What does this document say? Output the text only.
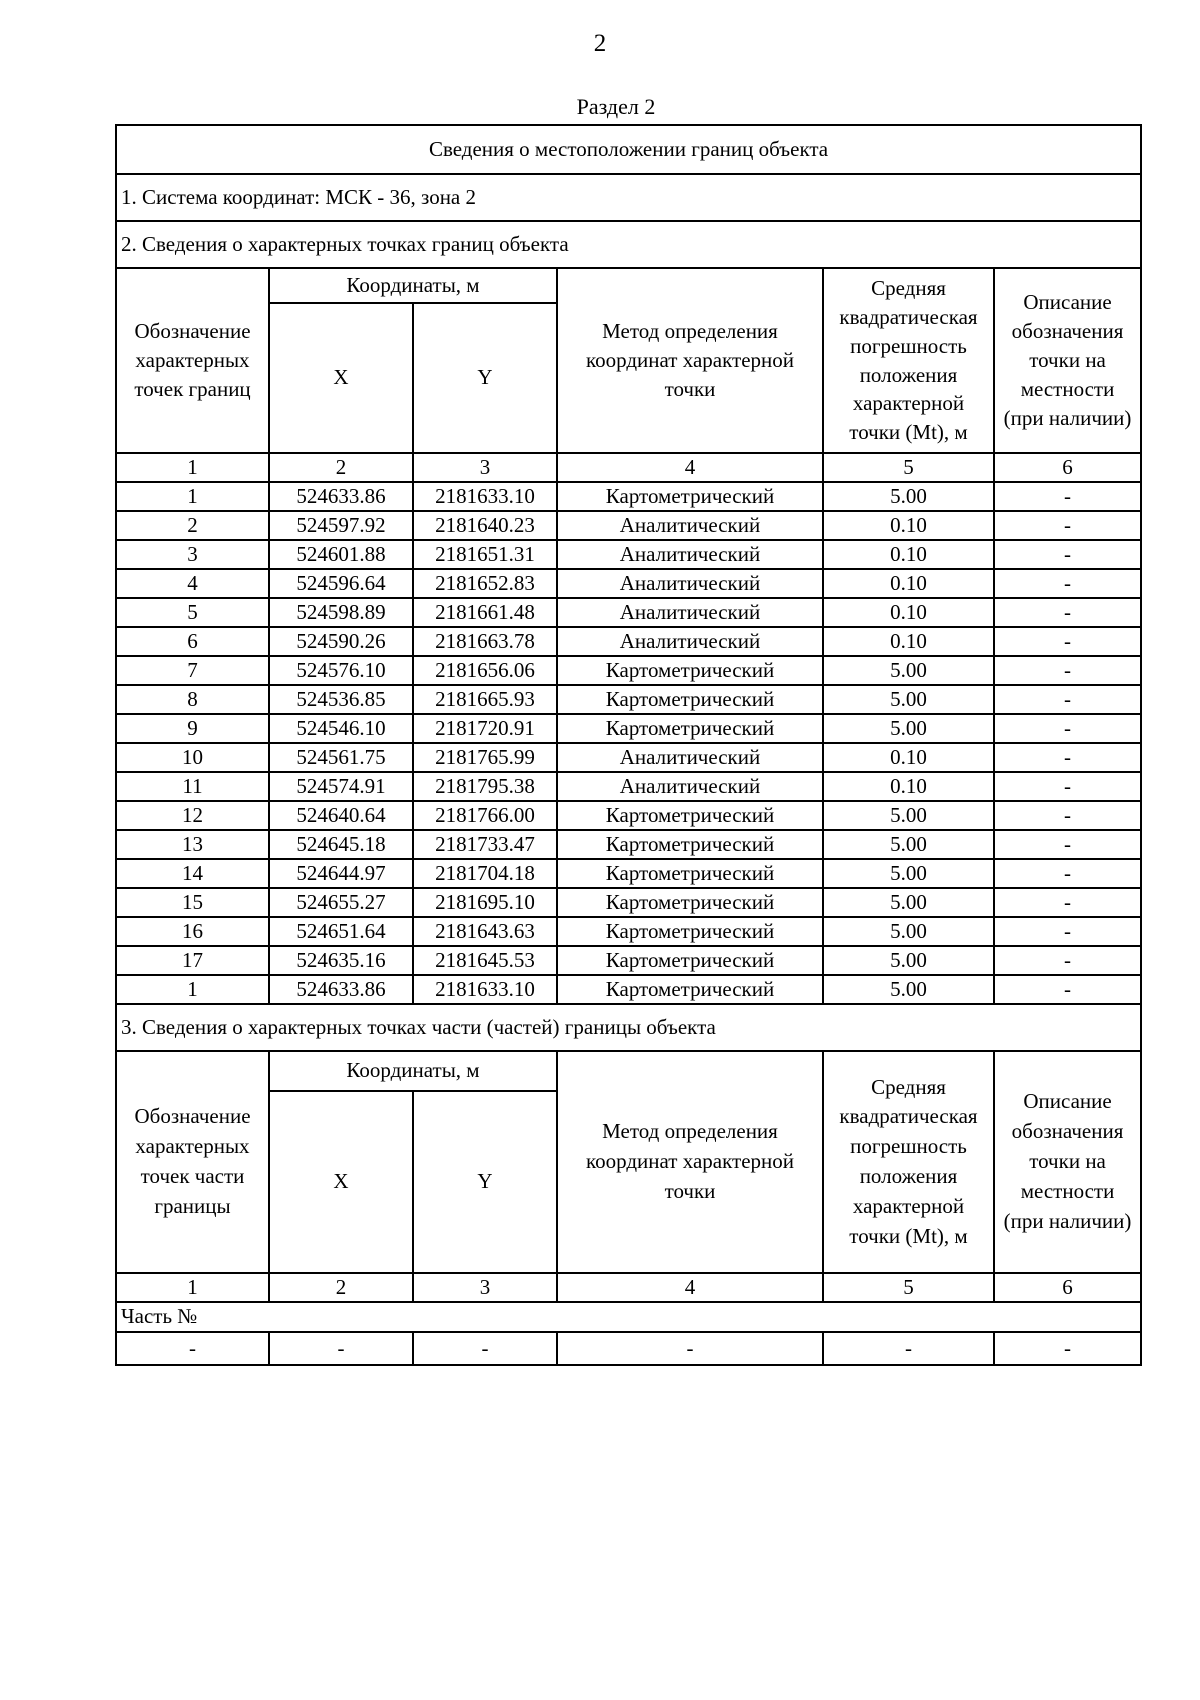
2
Раздел 2
Сведения о местоположении границ объекта					
1. Система координат: МСК - 36, зона 2					
2. Сведения о характерных точках границ объекта					
Обозначение характерных точек границ	Координаты, м		Метод определения координат характерной точки	Средняя квадратическая погрешность положения характерной точки (Mt), м	Описание обозначения точки на местности (при наличии)
	X	Y			
1	2	3	4	5	6
1	524633.86	2181633.10	Картометрический	5.00	-
2	524597.92	2181640.23	Аналитический	0.10	-
3	524601.88	2181651.31	Аналитический	0.10	-
4	524596.64	2181652.83	Аналитический	0.10	-
5	524598.89	2181661.48	Аналитический	0.10	-
6	524590.26	2181663.78	Аналитический	0.10	-
7	524576.10	2181656.06	Картометрический	5.00	-
8	524536.85	2181665.93	Картометрический	5.00	-
9	524546.10	2181720.91	Картометрический	5.00	-
10	524561.75	2181765.99	Аналитический	0.10	-
11	524574.91	2181795.38	Аналитический	0.10	-
12	524640.64	2181766.00	Картометрический	5.00	-
13	524645.18	2181733.47	Картометрический	5.00	-
14	524644.97	2181704.18	Картометрический	5.00	-
15	524655.27	2181695.10	Картометрический	5.00	-
16	524651.64	2181643.63	Картометрический	5.00	-
17	524635.16	2181645.53	Картометрический	5.00	-
1	524633.86	2181633.10	Картометрический	5.00	-
3. Сведения о характерных точках части (частей) границы объекта					
Обозначение характерных точек части границы	Координаты, м		Метод определения координат характерной точки	Средняя квадратическая погрешность положения характерной точки (Mt), м	Описание обозначения точки на местности (при наличии)
	X	Y			
1	2	3	4	5	6
Часть №					
-	-	-	-	-	-
